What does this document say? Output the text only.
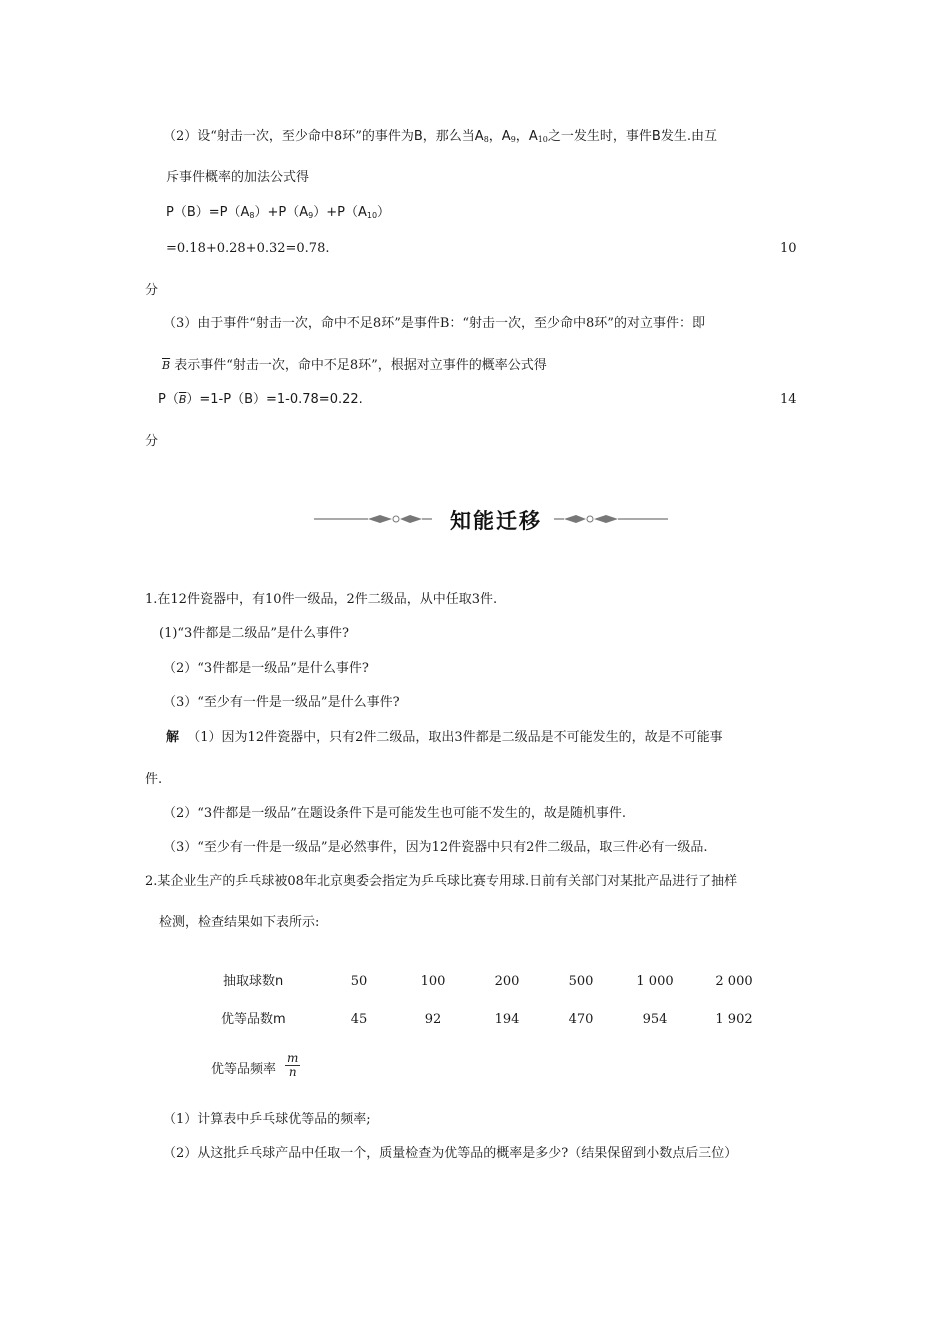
（2）设“射击一次，至少命中8环”的事件为B，那么当$A_8$，$A_9$，$A_{10}$之一发生时，事件B发生.由互
斥事件概率的加法公式得
$P(B)=P(A_8)+P(A_9)+P(A_{10})$
=0.18+0.28+0.32=0.78.	10
分
（3）由于事件“射击一次，命中不足8环”是事件B：“射击一次，至少命中8环”的对立事件：即
$\overline{B}$ 表示事件“射击一次，命中不足8环”，根据对立事件的概率公式得
$P(\overline{B})=1-P(B)=1-0.78=0.22$.	14
分
知能迁移
1.在12件瓷器中，有10件一级品，2件二级品，从中任取3件.
(1)“3件都是二级品”是什么事件?
（2）“3件都是一级品”是什么事件?
（3）“至少有一件是一级品”是什么事件?
解 （1）因为12件瓷器中，只有2件二级品，取出3件都是二级品是不可能发生的，故是不可能事
件.
（2）“3件都是一级品”在题设条件下是可能发生也可能不发生的，故是随机事件.
（3）“至少有一件是一级品”是必然事件，因为12件瓷器中只有2件二级品，取三件必有一级品.
2.某企业生产的乒乓球被08年北京奥委会指定为乒乓球比赛专用球.日前有关部门对某批产品进行了抽样
检测，检查结果如下表所示:
抽取球数n	50	100	200	500	1 000	2 000
优等品数m	45	92	194	470	954	1 902
优等品频率 $\frac{m}{n}$
（1）计算表中乒乓球优等品的频率;
（2）从这批乒乓球产品中任取一个，质量检查为优等品的概率是多少?（结果保留到小数点后三位）
